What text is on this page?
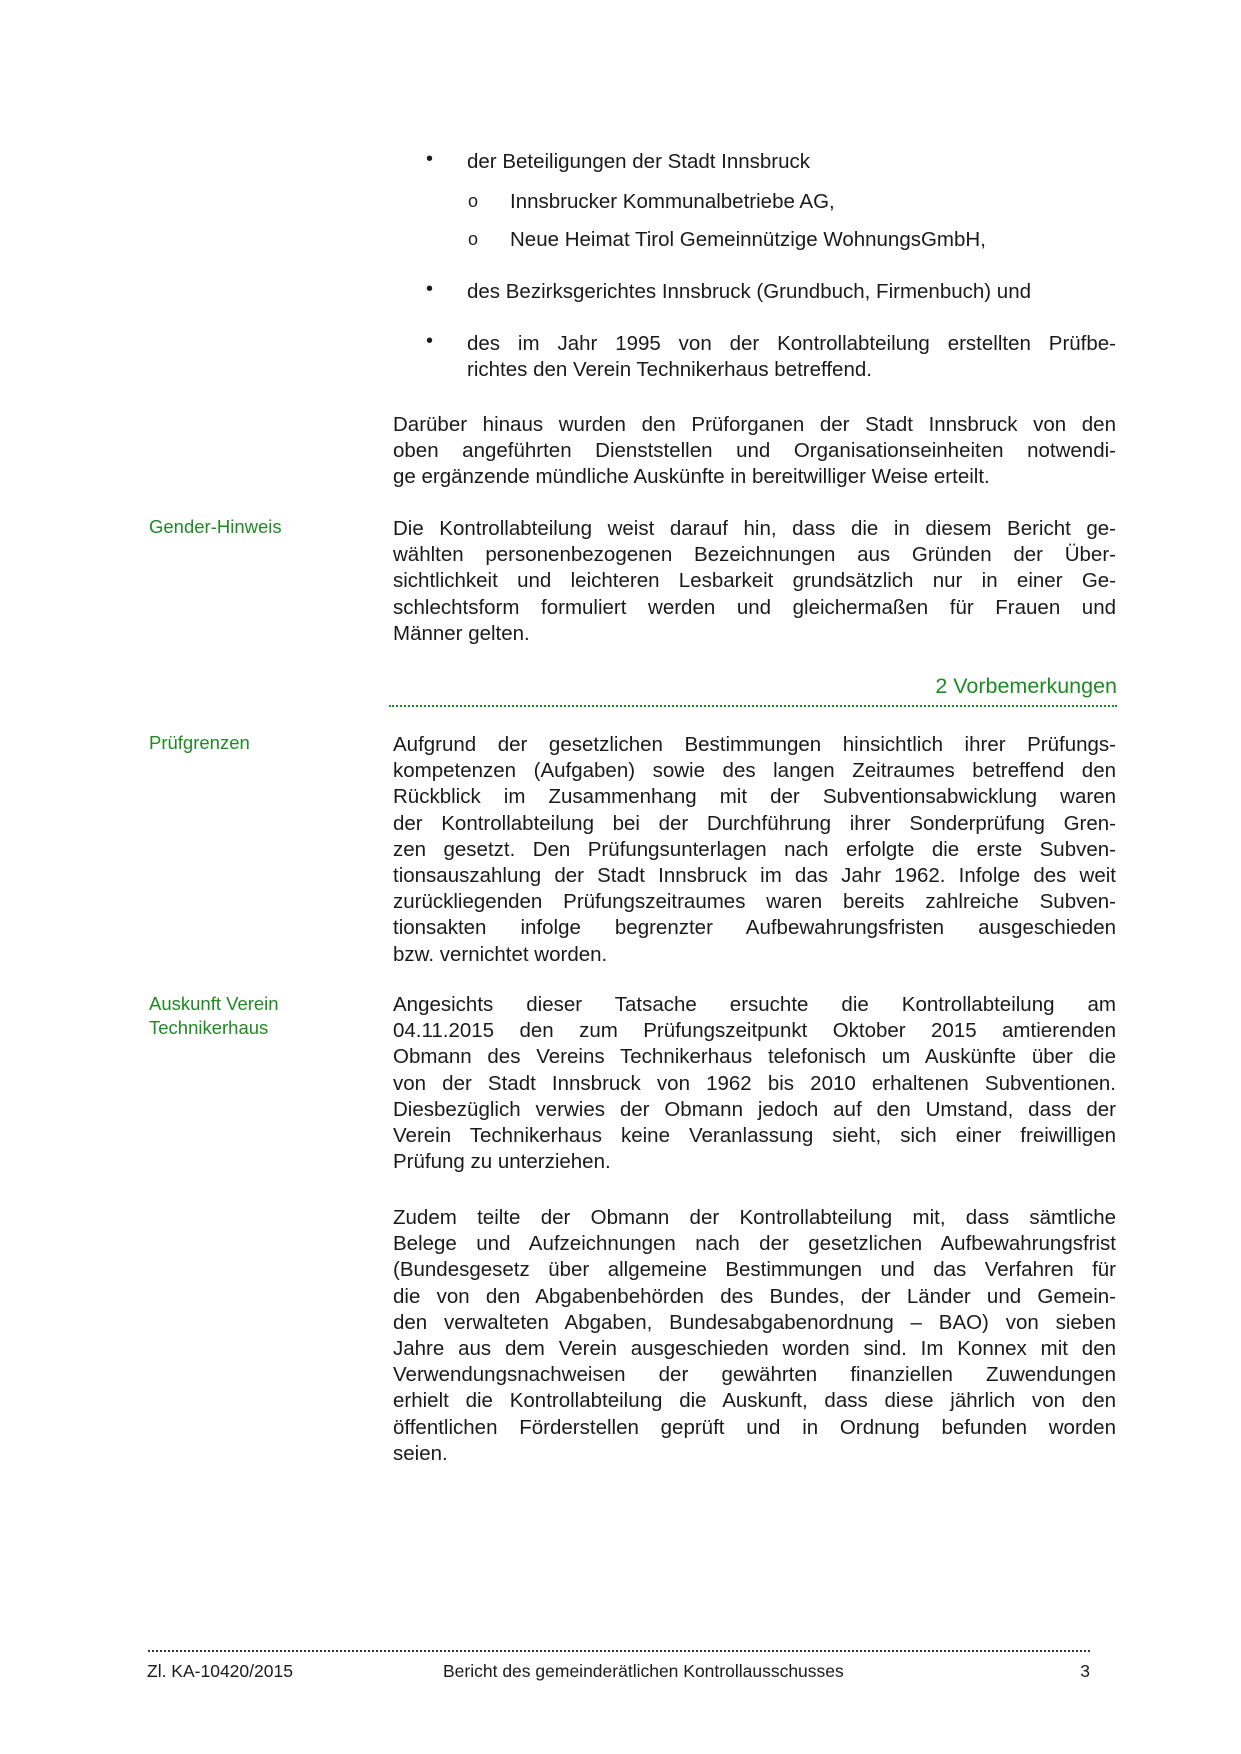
• der Beteiligungen der Stadt Innsbruck
o Innsbrucker Kommunalbetriebe AG,
o Neue Heimat Tirol Gemeinnützige WohnungsGmbH,
• des Bezirksgerichtes Innsbruck (Grundbuch, Firmenbuch) und
• des im Jahr 1995 von der Kontrollabteilung erstellten Prüfbe-
richtes den Verein Technikerhaus betreffend.
Darüber hinaus wurden den Prüforganen der Stadt Innsbruck von den
oben angeführten Dienststellen und Organisationseinheiten notwendi-
ge ergänzende mündliche Auskünfte in bereitwilliger Weise erteilt.
Gender-Hinweis	Die Kontrollabteilung weist darauf hin, dass die in diesem Bericht ge-
wählten personenbezogenen Bezeichnungen aus Gründen der Über-
sichtlichkeit und leichteren Lesbarkeit grundsätzlich nur in einer Ge-
schlechtsform formuliert werden und gleichermaßen für Frauen und
Männer gelten.
2 Vorbemerkungen
Prüfgrenzen	Aufgrund der gesetzlichen Bestimmungen hinsichtlich ihrer Prüfungs-
kompetenzen (Aufgaben) sowie des langen Zeitraumes betreffend den
Rückblick im Zusammenhang mit der Subventionsabwicklung waren
der Kontrollabteilung bei der Durchführung ihrer Sonderprüfung Gren-
zen gesetzt. Den Prüfungsunterlagen nach erfolgte die erste Subven-
tionsauszahlung der Stadt Innsbruck im das Jahr 1962. Infolge des weit
zurückliegenden Prüfungszeitraumes waren bereits zahlreiche Subven-
tionsakten infolge begrenzter Aufbewahrungsfristen ausgeschieden
bzw. vernichtet worden.
Auskunft Verein
Technikerhaus
Angesichts dieser Tatsache ersuchte die Kontrollabteilung am
04.11.2015 den zum Prüfungszeitpunkt Oktober 2015 amtierenden
Obmann des Vereins Technikerhaus telefonisch um Auskünfte über die
von der Stadt Innsbruck von 1962 bis 2010 erhaltenen Subventionen.
Diesbezüglich verwies der Obmann jedoch auf den Umstand, dass der
Verein Technikerhaus keine Veranlassung sieht, sich einer freiwilligen
Prüfung zu unterziehen.
Zudem teilte der Obmann der Kontrollabteilung mit, dass sämtliche
Belege und Aufzeichnungen nach der gesetzlichen Aufbewahrungsfrist
(Bundesgesetz über allgemeine Bestimmungen und das Verfahren für
die von den Abgabenbehörden des Bundes, der Länder und Gemein-
den verwalteten Abgaben, Bundesabgabenordnung – BAO) von sieben
Jahre aus dem Verein ausgeschieden worden sind. Im Konnex mit den
Verwendungsnachweisen der gewährten finanziellen Zuwendungen
erhielt die Kontrollabteilung die Auskunft, dass diese jährlich von den
öffentlichen Förderstellen geprüft und in Ordnung befunden worden
seien.
Zl. KA-10420/2015	Bericht des gemeinderätlichen Kontrollausschusses	3
